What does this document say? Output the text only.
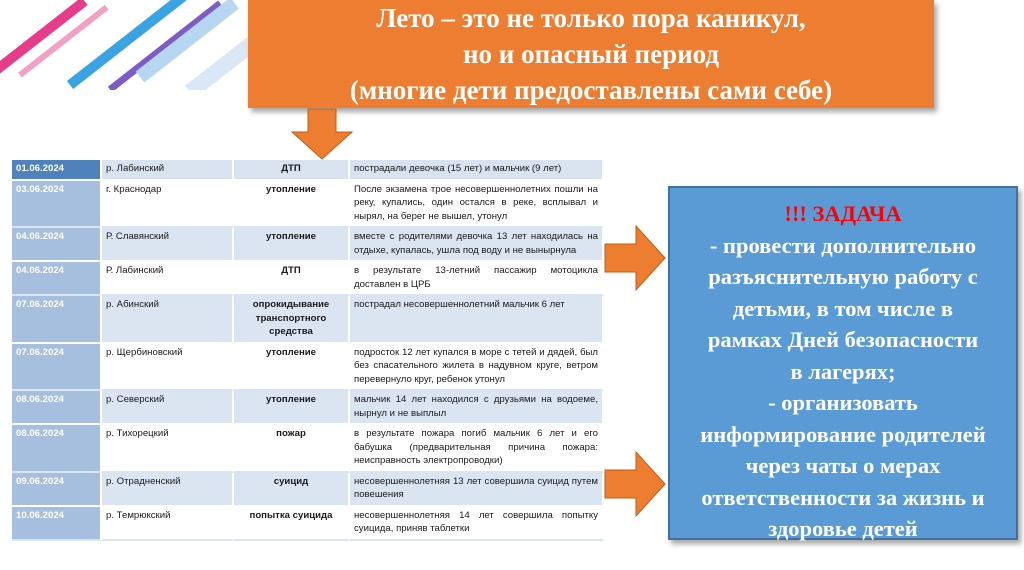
Лето – это не только пора каникул,
но и опасный период
(многие дети предоставлены сами себе)
01.06.2024	р. Лабинский	ДТП	пострадали девочка (15 лет) и мальчик (9 лет)
03.06.2024	г. Краснодар	утопление	После экзамена трое несовершеннолетних пошли на реку, купались, один остался в реке, всплывал и нырял, на берег не вышел, утонул
04.06.2024	Р. Славянский	утопление	вместе с родителями девочка 13 лет находилась на отдыхе, купалась, ушла под воду и не вынырнула
04.06.2024	Р. Лабинский	ДТП	в результате 13-летний пассажир мотоцикла доставлен в ЦРБ
07.06.2024	р. Абинский	опрокидывание транспортного средства	пострадал несовершеннолетний мальчик 6 лет
07.06.2024	р. Щербиновский	утопление	подросток 12 лет купался в море с тетей и дядей, был без спасательного жилета в надувном круге, ветром перевернуло круг, ребенок утонул
08.06.2024	р. Северский	утопление	мальчик 14 лет находился с друзьями на водоеме, нырнул и не выплыл
08.06.2024	р. Тихорецкий	пожар	в результате пожара погиб мальчик 6 лет и его бабушка (предварительная причина пожара: неисправность электропроводки)
09.06.2024	р. Отрадненский	суицид	несовершеннолетняя 13 лет совершила суицид путем повешения
10.06.2024	р. Темрюкский	попытка суицида	несовершеннолетняя 14 лет совершила попытку суицида, приняв таблетки
!!! ЗАДАЧА
- провести дополнительно
разъяснительную работу с
детьми, в том числе в
рамках Дней безопасности
в лагерях;
- организовать
информирование родителей
через чаты о мерах
ответственности за жизнь и
здоровье детей
